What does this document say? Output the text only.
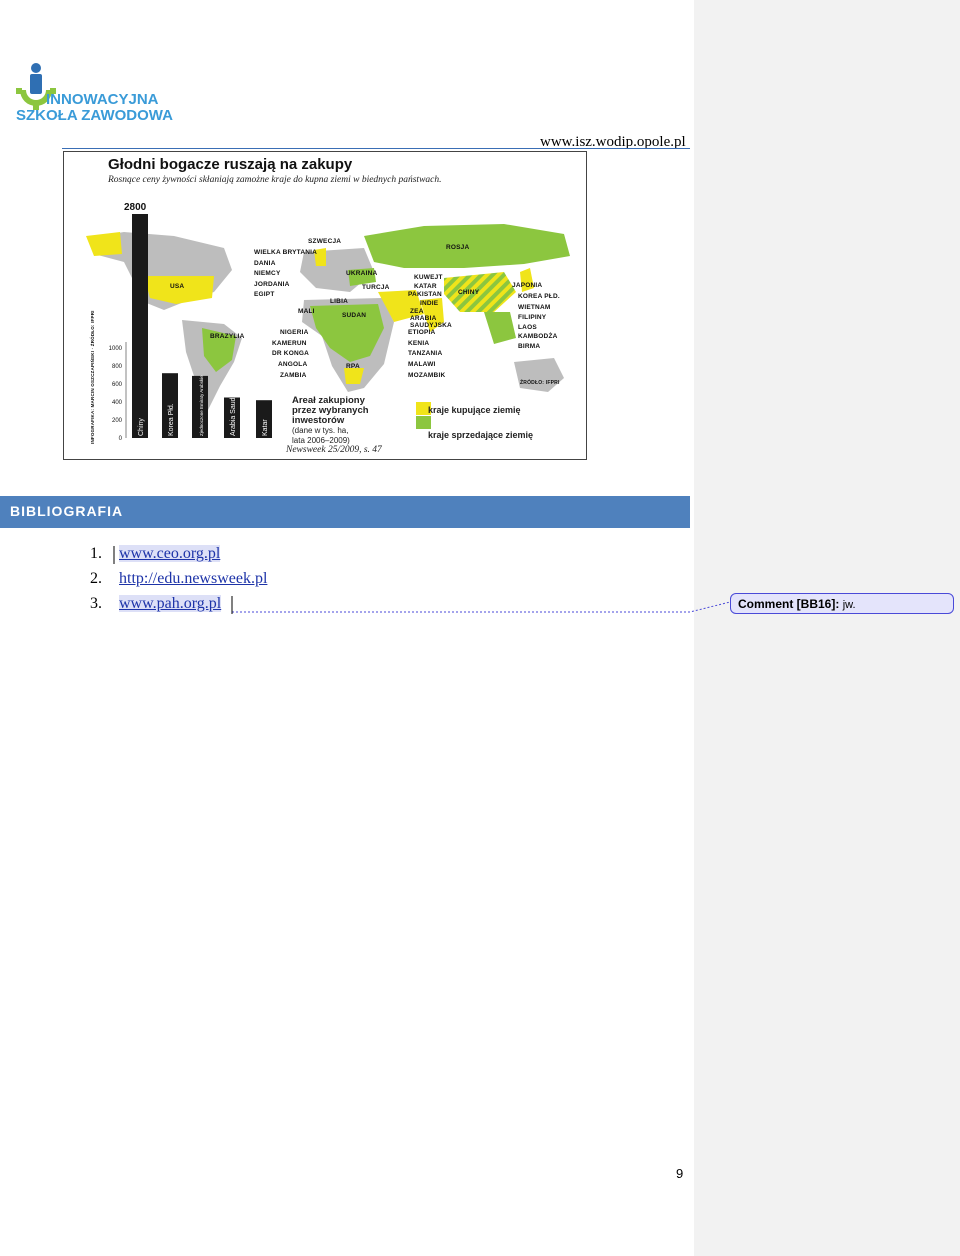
INNOWACYJNA
SZKOŁA ZAWODOWA
www.isz.wodip.opole.pl
Głodni bogacze ruszają na zakupy
Rosnące ceny żywności skłaniają zamożne kraje do kupna ziemi w biednych państwach.
SZWECJA
WIELKA BRYTANIA
DANIA
NIEMCY
JORDANIA
EGIPT
USA
LIBIA
MALI
UKRAINA
TURCJA
SUDAN
ROSJA
KUWEJT
KATAR
PAKISTAN
INDIE
ZEA
ARABIA
SAUDYJSKA
CHINY
JAPONIA
KOREA PŁD.
WIETNAM
FILIPINY
LAOS
KAMBODŻA
BIRMA
BRAZYLIA
NIGERIA
KAMERUN
DR KONGA
ANGOLA
ZAMBIA
RPA
ETIOPIA
KENIA
TANZANIA
MALAWI
MOZAMBIK
ŹRÓDŁO: IFPRI
INFOGRAFIKA: MARCIN OSZCZAPIŃSKI · ŹRÓDŁO: IFPRI	0
200
400
600
800
1000
Chiny	Korea Płd.	Zjednoczone Emiraty Arabskie	Arabia Saudyjska	Katar
2800
Areał zakupiony
przez wybranych
inwestorów
(dane w tys. ha,
lata 2006–2009)
kraje kupujące ziemię
kraje sprzedające ziemię
Newsweek 25/2009, s. 47
BIBLIOGRAFIA
1. www.ceo.org.pl
2. http://edu.newsweek.pl
3. www.pah.org.pl	Comment [BB16]: jw.
9
